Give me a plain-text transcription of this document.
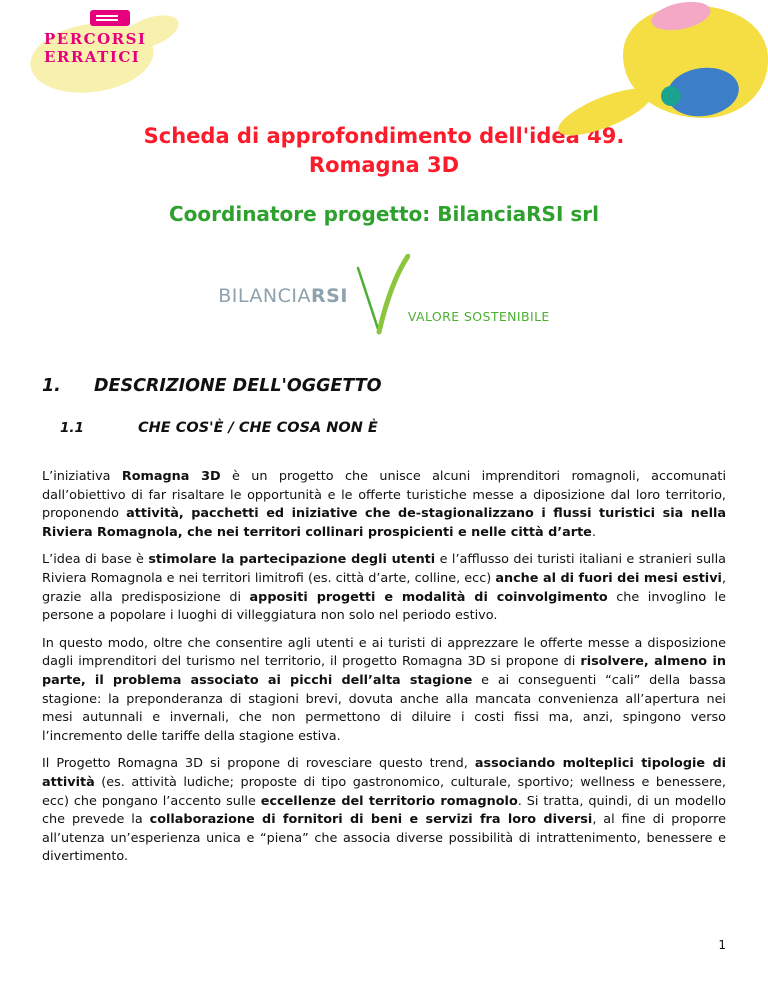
PERCORSI
ERRATICI
Scheda di approfondimento dell'idea 49.
Romagna 3D
Coordinatore progetto: BilanciaRSI srl
BILANCIARSI
VALORE SOSTENIBILE
1.	DESCRIZIONE DELL'OGGETTO
1.1	CHE COS'È / CHE COSA NON È

L’iniziativa Romagna 3D è un progetto che unisce alcuni imprenditori romagnoli, accomunati dall’obiettivo di far risaltare le opportunità e le offerte turistiche messe a diposizione dal loro territorio, proponendo attività, pacchetti ed iniziative che de-stagionalizzano i flussi turistici sia nella Riviera Romagnola, che nei territori collinari prospicienti e nelle città d’arte.

L’idea di base è stimolare la partecipazione degli utenti e l’afflusso dei turisti italiani e stranieri sulla Riviera Romagnola e nei territori limitrofi (es. città d’arte, colline, ecc) anche al di fuori dei mesi estivi, grazie alla predisposizione di appositi progetti e modalità di coinvolgimento che invoglino le persone a popolare i luoghi di villeggiatura non solo nel periodo estivo.

In questo modo, oltre che consentire agli utenti e ai turisti di apprezzare le offerte messe a disposizione dagli imprenditori del turismo nel territorio, il progetto Romagna 3D si propone di risolvere, almeno in parte, il problema associato ai picchi dell’alta stagione e ai conseguenti “cali” della bassa stagione: la preponderanza di stagioni brevi, dovuta anche alla mancata convenienza all’apertura nei mesi autunnali e invernali, che non permettono di diluire i costi fissi ma, anzi, spingono verso l’incremento delle tariffe della stagione estiva.

Il Progetto Romagna 3D si propone di rovesciare questo trend, associando molteplici tipologie di attività (es. attività ludiche; proposte di tipo gastronomico, culturale, sportivo; wellness e benessere, ecc) che pongano l’accento sulle eccellenze del territorio romagnolo. Si tratta, quindi, di un modello che prevede la collaborazione di fornitori di beni e servizi fra loro diversi, al fine di proporre all’utenza un’esperienza unica e “piena” che associa diverse possibilità di intrattenimento, benessere e divertimento.

1
